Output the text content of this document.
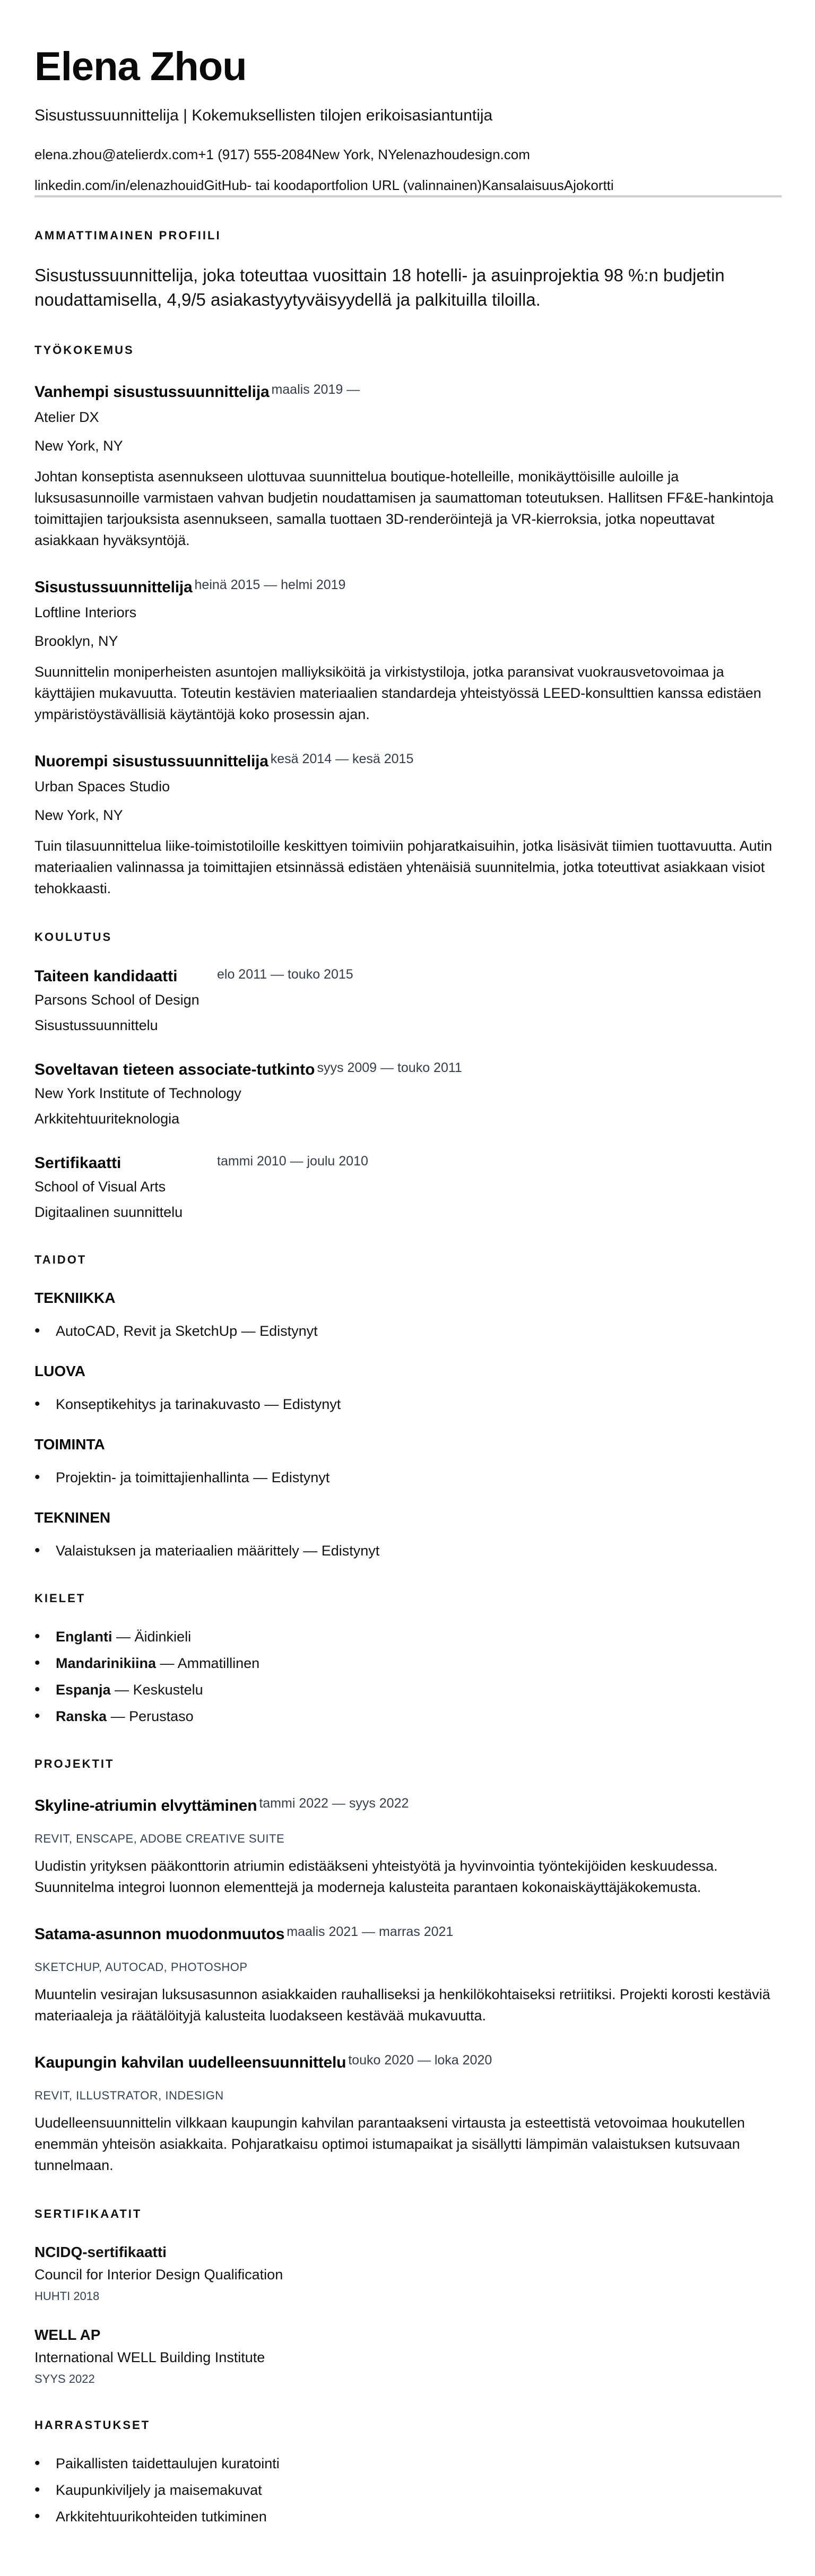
Elena Zhou
Sisustussuunnittelija | Kokemuksellisten tilojen erikoisasiantuntija
elena.zhou@atelierdx.com+1 (917) 555-2084New York, NYelenazhoudesign.com
linkedin.com/in/elenazhouidGitHub- tai koodaportfolion URL (valinnainen)KansalaisuusAjokortti
AMMATTIMAINEN PROFIILI

Sisustussuunnittelija, joka toteuttaa vuosittain 18 hotelli- ja asuinprojektia 98 %:n budjetin noudattamisella, 4,9/5 asiakastyytyväisyydellä ja palkituilla tiloilla.

TYÖKOKEMUS
Vanhempi sisustussuunnittelija maalis 2019 —
Atelier DX
New York, NY

Johtan konseptista asennukseen ulottuvaa suunnittelua boutique-hotelleille, monikäyttöisille auloille ja luksusasunnoille varmistaen vahvan budjetin noudattamisen ja saumattoman toteutuksen. Hallitsen FF&E-hankintoja toimittajien tarjouksista asennukseen, samalla tuottaen 3D-renderöintejä ja VR-kierroksia, jotka nopeuttavat asiakkaan hyväksyntöjä.

Sisustussuunnittelija heinä 2015 — helmi 2019
Loftline Interiors
Brooklyn, NY

Suunnittelin moniperheisten asuntojen malliyksiköitä ja virkistystiloja, jotka paransivat vuokrausvetovoimaa ja käyttäjien mukavuutta. Toteutin kestävien materiaalien standardeja yhteistyössä LEED-konsulttien kanssa edistäen ympäristöystävällisiä käytäntöjä koko prosessin ajan.

Nuorempi sisustussuunnittelija kesä 2014 — kesä 2015
Urban Spaces Studio
New York, NY

Tuin tilasuunnittelua liike-toimistotiloille keskittyen toimiviin pohjaratkaisuihin, jotka lisäsivät tiimien tuottavuutta. Autin materiaalien valinnassa ja toimittajien etsinnässä edistäen yhtenäisiä suunnitelmia, jotka toteuttivat asiakkaan visiot tehokkaasti.

KOULUTUS
Taiteen kandidaatti	elo 2011 — touko 2015
Parsons School of Design
Sisustussuunnittelu
Soveltavan tieteen associate-tutkinto syys 2009 — touko 2011
New York Institute of Technology
Arkkitehtuuriteknologia
Sertifikaatti	tammi 2010 — joulu 2010
School of Visual Arts
Digitaalinen suunnittelu
TAIDOT
TEKNIIKKA
• AutoCAD, Revit ja SketchUp — Edistynyt
LUOVA
• Konseptikehitys ja tarinakuvasto — Edistynyt
TOIMINTA
• Projektin- ja toimittajienhallinta — Edistynyt
TEKNINEN
• Valaistuksen ja materiaalien määrittely — Edistynyt
KIELET
• Englanti — Äidinkieli
• Mandarinikiina — Ammatillinen
• Espanja — Keskustelu
• Ranska — Perustaso
PROJEKTIT
Skyline-atriumin elvyttäminen tammi 2022 — syys 2022
REVIT, ENSCAPE, ADOBE CREATIVE SUITE

Uudistin yrityksen pääkonttorin atriumin edistääkseni yhteistyötä ja hyvinvointia työntekijöiden keskuudessa. Suunnitelma integroi luonnon elementtejä ja moderneja kalusteita parantaen kokonaiskäyttäjäkokemusta.

Satama-asunnon muodonmuutos maalis 2021 — marras 2021
SKETCHUP, AUTOCAD, PHOTOSHOP

Muuntelin vesirajan luksusasunnon asiakkaiden rauhalliseksi ja henkilökohtaiseksi retriitiksi. Projekti korosti kestäviä materiaaleja ja räätälöityjä kalusteita luodakseen kestävää mukavuutta.

Kaupungin kahvilan uudelleensuunnittelu touko 2020 — loka 2020
REVIT, ILLUSTRATOR, INDESIGN

Uudelleensuunnittelin vilkkaan kaupungin kahvilan parantaakseni virtausta ja esteettistä vetovoimaa houkutellen enemmän yhteisön asiakkaita. Pohjaratkaisu optimoi istumapaikat ja sisällytti lämpimän valaistuksen kutsuvaan tunnelmaan.

SERTIFIKAATIT
NCIDQ-sertifikaatti
Council for Interior Design Qualification
HUHTI 2018
WELL AP
International WELL Building Institute
SYYS 2022
HARRASTUKSET
• Paikallisten taidettaulujen kuratointi
• Kaupunkiviljely ja maisemakuvat
• Arkkitehtuurikohteiden tutkiminen
